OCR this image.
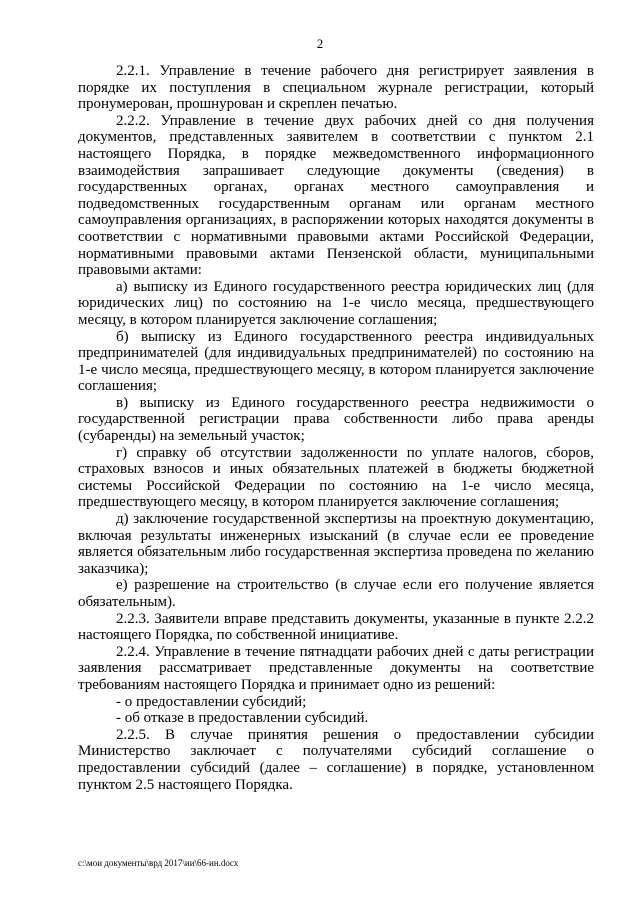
2

2.2.1. Управление в течение рабочего дня регистрирует заявления в порядке их поступления в специальном журнале регистрации, который пронумерован, прошнурован и скреплен печатью.

2.2.2. Управление в течение двух рабочих дней со дня получения документов, представленных заявителем в соответствии с пунктом 2.1 настоящего Порядка, в порядке межведомственного информационного взаимодействия запрашивает следующие документы (сведения) в государственных органах, органах местного самоуправления и подведомственных государственным органам или органам местного самоуправления организациях, в распоряжении которых находятся документы в соответствии с нормативными правовыми актами Российской Федерации, нормативными правовыми актами Пензенской области, муниципальными правовыми актами:

а) выписку из Единого государственного реестра юридических лиц (для юридических лиц) по состоянию на 1-е число месяца, предшествующего месяцу, в котором планируется заключение соглашения;

б) выписку из Единого государственного реестра индивидуальных предпринимателей (для индивидуальных предпринимателей) по состоянию на 1-е число месяца, предшествующего месяцу, в котором планируется заключение соглашения;

в) выписку из Единого государственного реестра недвижимости о государственной регистрации права собственности либо права аренды (субаренды) на земельный участок;

г) справку об отсутствии задолженности по уплате налогов, сборов, страховых взносов и иных обязательных платежей в бюджеты бюджетной системы Российской Федерации по состоянию на 1-е число месяца, предшествующего месяцу, в котором планируется заключение соглашения;

д) заключение государственной экспертизы на проектную документацию, включая результаты инженерных изысканий (в случае если ее проведение является обязательным либо государственная экспертиза проведена по желанию заказчика);

е) разрешение на строительство (в случае если его получение является обязательным).

2.2.3. Заявители вправе представить документы, указанные в пункте 2.2.2 настоящего Порядка, по собственной инициативе.

2.2.4. Управление в течение пятнадцати рабочих дней с даты регистрации заявления рассматривает представленные документы на соответствие требованиям настоящего Порядка и принимает одно из решений:

- о предоставлении субсидий;

- об отказе в предоставлении субсидий.

2.2.5. В случае принятия решения о предоставлении субсидии Министерство заключает с получателями субсидий соглашение о предоставлении субсидий (далее – соглашение) в порядке, установленном пунктом 2.5 настоящего Порядка.

c:\мои документы\врд 2017\ии\66-ин.docx
